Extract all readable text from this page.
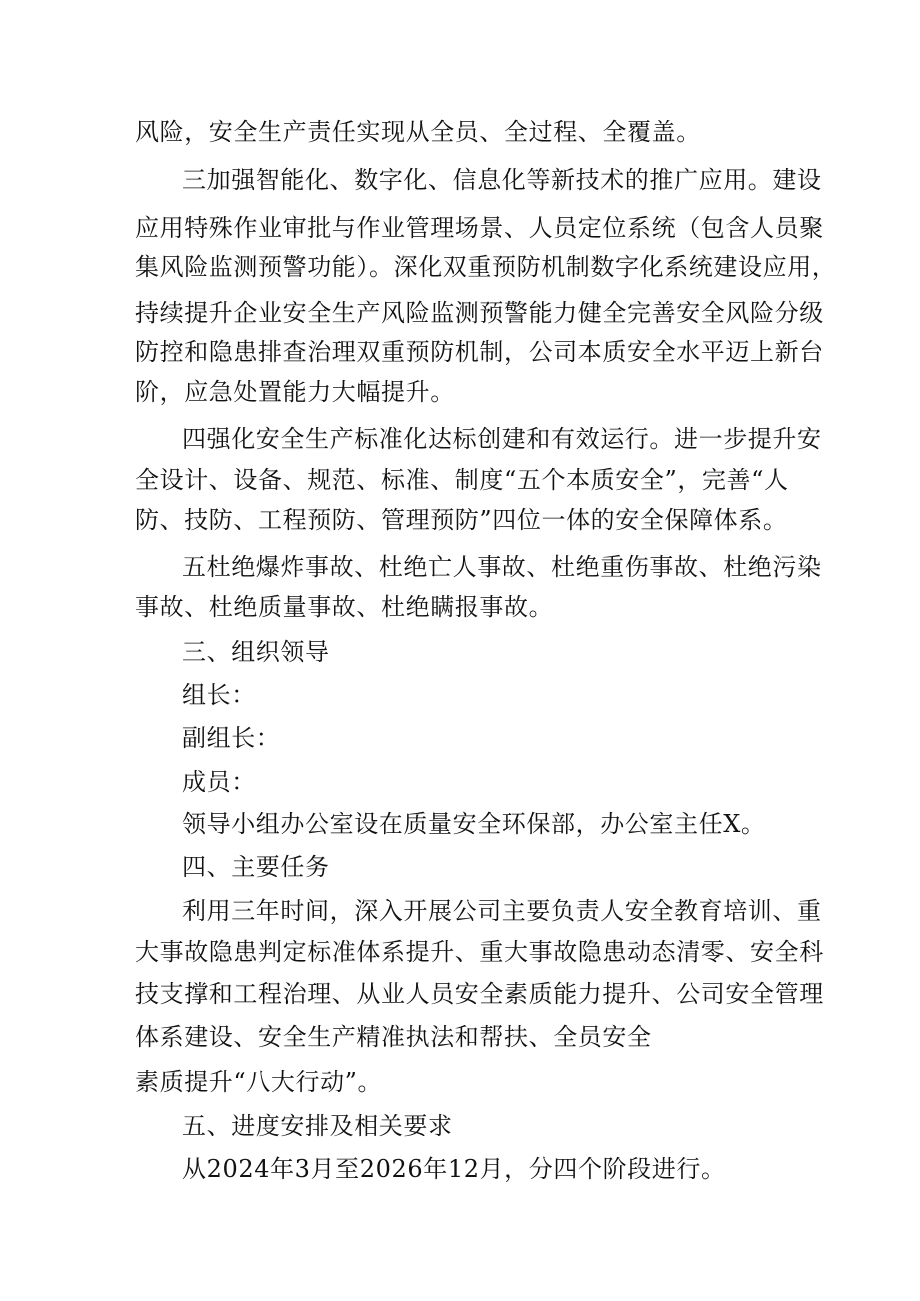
风险，安全生产责任实现从全员、全过程、全覆盖。
三加强智能化、数字化、信息化等新技术的推广应用。建设
应用特殊作业审批与作业管理场景、人员定位系统（包含人员聚
集风险监测预警功能）。深化双重预防机制数字化系统建设应用，
持续提升企业安全生产风险监测预警能力健全完善安全风险分级
防控和隐患排查治理双重预防机制，公司本质安全水平迈上新台
阶，应急处置能力大幅提升。
四强化安全生产标准化达标创建和有效运行。进一步提升安
全设计、设备、规范、标准、制度“五个本质安全”，完善“人
防、技防、工程预防、管理预防”四位一体的安全保障体系。
五杜绝爆炸事故、杜绝亡人事故、杜绝重伤事故、杜绝污染
事故、杜绝质量事故、杜绝瞒报事故。
三、组织领导
组长：
副组长：
成员：
领导小组办公室设在质量安全环保部，办公室主任X。
四、主要任务
利用三年时间，深入开展公司主要负责人安全教育培训、重
大事故隐患判定标准体系提升、重大事故隐患动态清零、安全科
技支撑和工程治理、从业人员安全素质能力提升、公司安全管理
体系建设、安全生产精准执法和帮扶、全员安全
素质提升“八大行动”。
五、进度安排及相关要求
从2024年3月至2026年12月，分四个阶段进行。
